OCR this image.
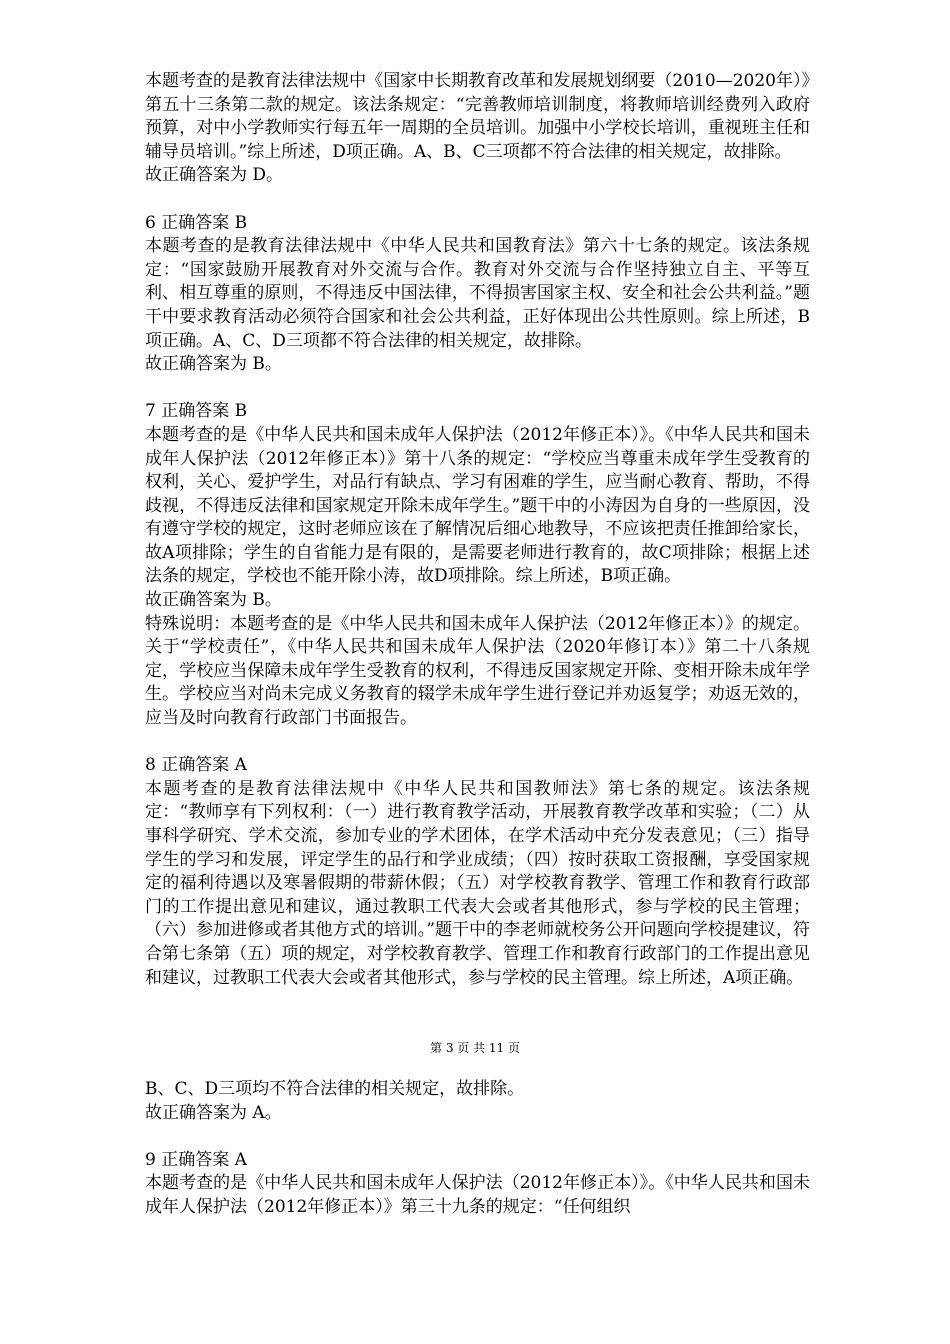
本题考查的是教育法律法规中《国家中长期教育改革和发展规划纲要（2010—2020年）》第五十三条第二款的规定。该法条规定：“完善教师培训制度，将教师培训经费列入政府预算，对中小学教师实行每五年一周期的全员培训。加强中小学校长培训，重视班主任和辅导员培训。”综上所述，D项正确。A、B、C三项都不符合法律的相关规定，故排除。

故正确答案为 D。

6 正确答案 B

本题考查的是教育法律法规中《中华人民共和国教育法》第六十七条的规定。该法条规定：“国家鼓励开展教育对外交流与合作。教育对外交流与合作坚持独立自主、平等互利、相互尊重的原则，不得违反中国法律，不得损害国家主权、安全和社会公共利益。”题干中要求教育活动必须符合国家和社会公共利益，正好体现出公共性原则。综上所述，B项正确。A、C、D三项都不符合法律的相关规定，故排除。

故正确答案为 B。

7 正确答案 B

本题考查的是《中华人民共和国未成年人保护法（2012年修正本）》。《中华人民共和国未成年人保护法（2012年修正本）》第十八条的规定：“学校应当尊重未成年学生受教育的权利，关心、爱护学生，对品行有缺点、学习有困难的学生，应当耐心教育、帮助，不得歧视，不得违反法律和国家规定开除未成年学生。”题干中的小涛因为自身的一些原因，没有遵守学校的规定，这时老师应该在了解情况后细心地教导，不应该把责任推卸给家长，故A项排除；学生的自省能力是有限的，是需要老师进行教育的，故C项排除；根据上述法条的规定，学校也不能开除小涛，故D项排除。综上所述，B项正确。

故正确答案为 B。

特殊说明：本题考查的是《中华人民共和国未成年人保护法（2012年修正本）》的规定。关于“学校责任”，《中华人民共和国未成年人保护法（2020年修订本）》第二十八条规定，学校应当保障未成年学生受教育的权利，不得违反国家规定开除、变相开除未成年学生。学校应当对尚未完成义务教育的辍学未成年学生进行登记并劝返复学；劝返无效的，应当及时向教育行政部门书面报告。

8 正确答案 A

本题考查的是教育法律法规中《中华人民共和国教师法》第七条的规定。该法条规定：“教师享有下列权利：（一）进行教育教学活动，开展教育教学改革和实验；（二）从事科学研究、学术交流，参加专业的学术团体，在学术活动中充分发表意见；（三）指导学生的学习和发展，评定学生的品行和学业成绩；（四）按时获取工资报酬，享受国家规定的福利待遇以及寒暑假期的带薪休假；（五）对学校教育教学、管理工作和教育行政部门的工作提出意见和建议，通过教职工代表大会或者其他形式，参与学校的民主管理；（六）参加进修或者其他方式的培训。”题干中的李老师就校务公开问题向学校提建议，符合第七条第（五）项的规定，对学校教育教学、管理工作和教育行政部门的工作提出意见和建议，过教职工代表大会或者其他形式，参与学校的民主管理。综上所述，A项正确。

第 3 页 共 11 页

B、C、D三项均不符合法律的相关规定，故排除。

故正确答案为 A。

9 正确答案 A

本题考查的是《中华人民共和国未成年人保护法（2012年修正本）》。《中华人民共和国未成年人保护法（2012年修正本）》第三十九条的规定：“任何组织
